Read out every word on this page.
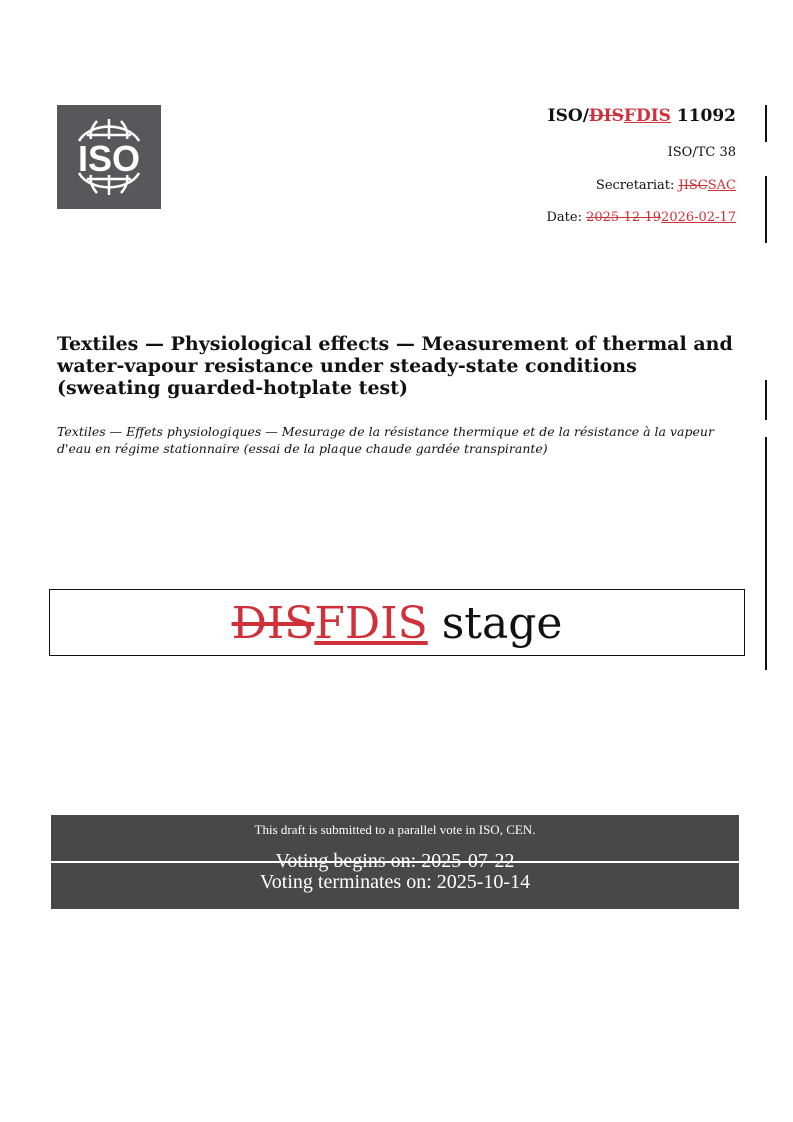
ISO
ISO/DISFDIS 11092
ISO/TC 38
Secretariat: JISCSAC
Date: 2025-12-192026-02-17
Textiles — Physiological effects — Measurement of thermal and water-vapour resistance under steady-state conditions (sweating guarded-hotplate test)
Textiles — Effets physiologiques — Mesurage de la résistance thermique et de la résistance à la vapeur d'eau en régime stationnaire (essai de la plaque chaude gardée transpirante)
DISFDIS stage
This draft is submitted to a parallel vote in ISO, CEN.
Voting begins on: 2025-07-22
Voting terminates on: 2025-10-14
